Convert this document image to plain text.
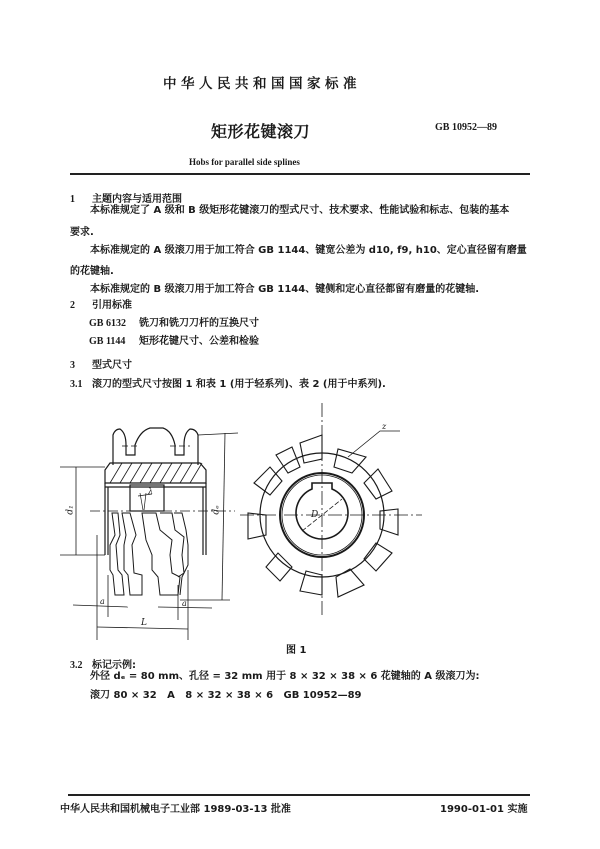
中华人民共和国国家标准
矩形花键滚刀	GB 10952—89
Hobs for parallel side splines
1 主题内容与适用范围
本标准规定了 A 级和 B 级矩形花键滚刀的型式尺寸、技术要求、性能试验和标志、包装的基本
要求.
本标准规定的 A 级滚刀用于加工符合 GB 1144、键宽公差为 d10, f9, h10、定心直径留有磨量
的花键轴.
本标准规定的 B 级滚刀用于加工符合 GB 1144、键侧和定心直径都留有磨量的花键轴.
2 引用标准
GB 6132 铣刀和铣刀刀杆的互换尺寸
GB 1144 矩形花键尺寸、公差和检验
3 型式尺寸
3.1 滚刀的型式尺寸按图 1 和表 1 (用于轻系列)、表 2 (用于中系列).
d₁	dₑ
λ
a	a
L
D
z
图 1
3.2 标记示例:
外径 dₑ = 80 mm、孔径 = 32 mm 用于 8 × 32 × 38 × 6 花键轴的 A 级滚刀为:
滚刀 80 × 32   A   8 × 32 × 38 × 6   GB 10952—89
中华人民共和国机械电子工业部 1989-03-13 批准	1990-01-01 实施
